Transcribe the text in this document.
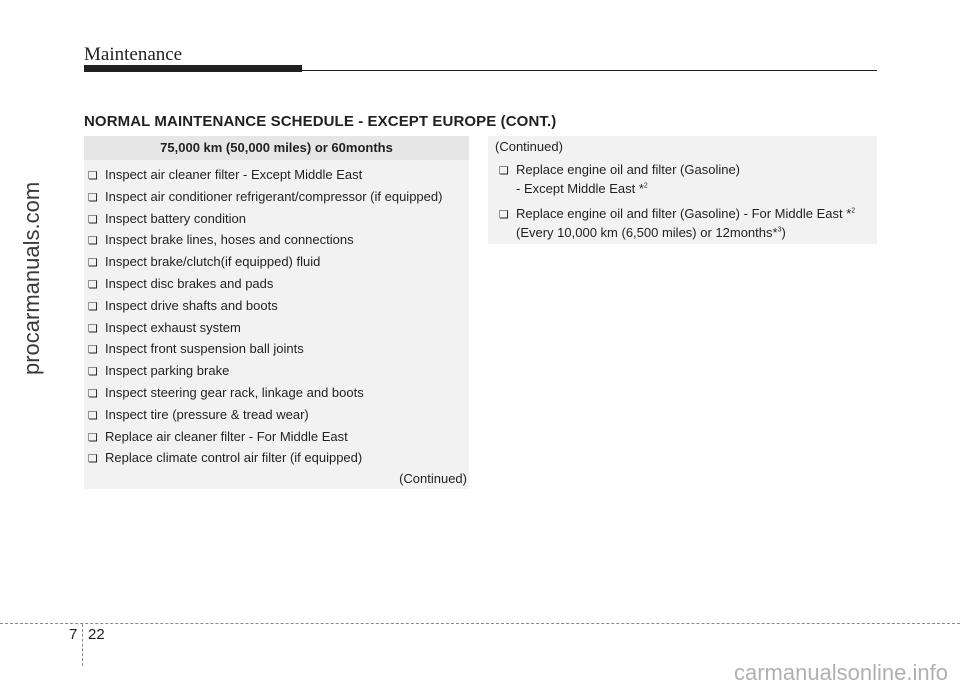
Maintenance
NORMAL MAINTENANCE SCHEDULE - EXCEPT EUROPE (CONT.)
75,000 km (50,000 miles) or 60months
❏ Inspect air cleaner filter - Except Middle East
❏ Inspect air conditioner refrigerant/compressor (if equipped)
❏ Inspect battery condition
❏ Inspect brake lines, hoses and connections
❏ Inspect brake/clutch(if equipped) fluid
❏ Inspect disc brakes and pads
❏ Inspect drive shafts and boots
❏ Inspect exhaust system
❏ Inspect front suspension ball joints
❏ Inspect parking brake
❏ Inspect steering gear rack, linkage and boots
❏ Inspect tire (pressure & tread wear)
❏ Replace air cleaner filter - For Middle East
❏ Replace climate control air filter (if equipped)
(Continued)
(Continued)
❏ Replace engine oil and filter (Gasoline)
- Except Middle East *$^2$
❏ Replace engine oil and filter (Gasoline) - For Middle East *$^2$
(Every 10,000 km (6,500 miles) or 12months*$^3$)
procarmanuals.com
carmanualsonline.info
7 22
